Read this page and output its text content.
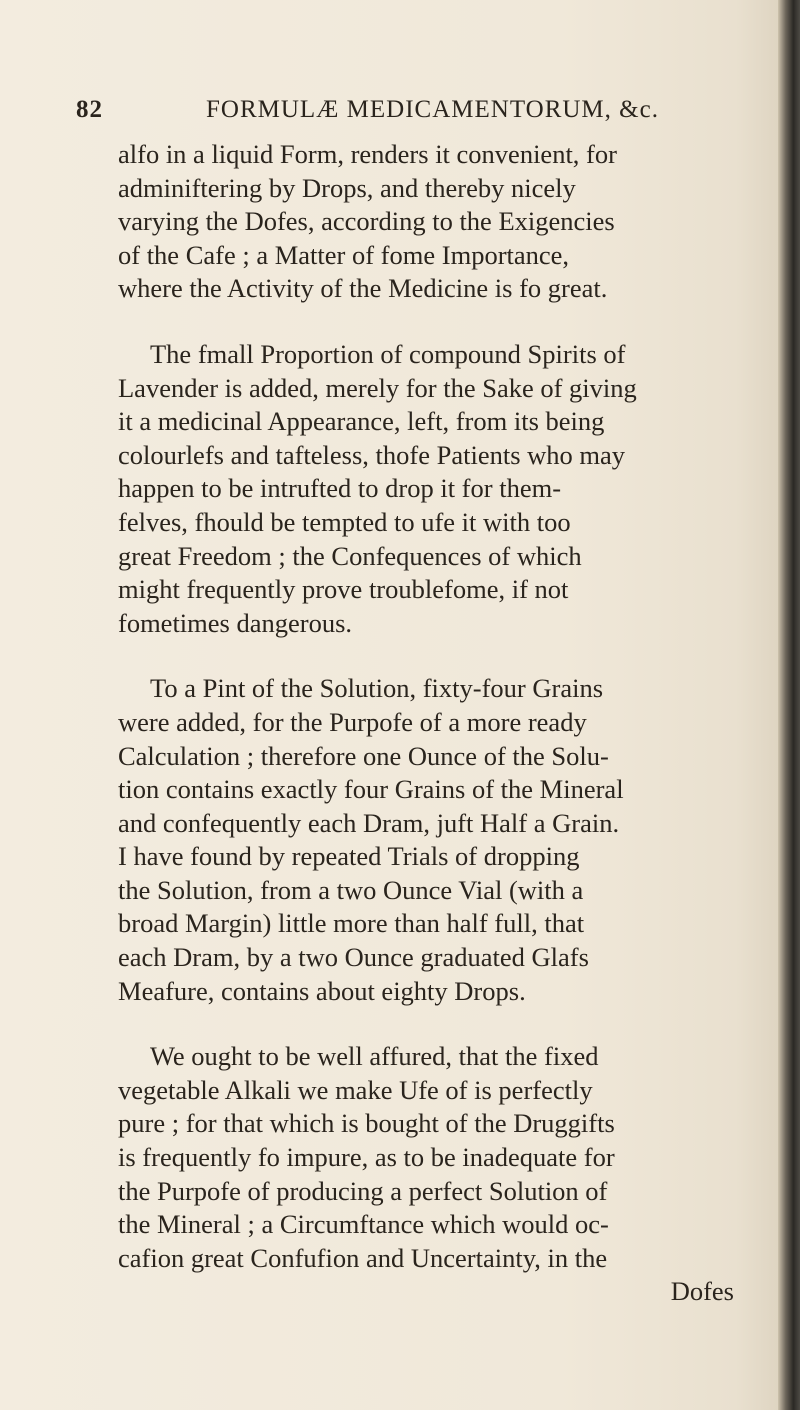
82	FORMULÆ MEDICAMENTORUM, &c.
alfo in a liquid Form, renders it convenient, for
adminiftering by Drops, and thereby nicely
varying the Dofes, according to the Exigencies
of the Cafe ; a Matter of fome Importance,
where the Activity of the Medicine is fo great.
The fmall Proportion of compound Spirits of
Lavender is added, merely for the Sake of giving
it a medicinal Appearance, left, from its being
colourlefs and tafteless, thofe Patients who may
happen to be intrufted to drop it for them-
felves, fhould be tempted to ufe it with too
great Freedom ; the Confequences of which
might frequently prove troublefome, if not
fometimes dangerous.
To a Pint of the Solution, fixty-four Grains
were added, for the Purpofe of a more ready
Calculation ; therefore one Ounce of the Solu-
tion contains exactly four Grains of the Mineral
and confequently each Dram, juft Half a Grain.
I have found by repeated Trials of dropping
the Solution, from a two Ounce Vial (with a
broad Margin) little more than half full, that
each Dram, by a two Ounce graduated Glafs
Meafure, contains about eighty Drops.
We ought to be well affured, that the fixed
vegetable Alkali we make Ufe of is perfectly
pure ; for that which is bought of the Druggifts
is frequently fo impure, as to be inadequate for
the Purpofe of producing a perfect Solution of
the Mineral ; a Circumftance which would oc-
cafion great Confufion and Uncertainty, in the
Dofes
